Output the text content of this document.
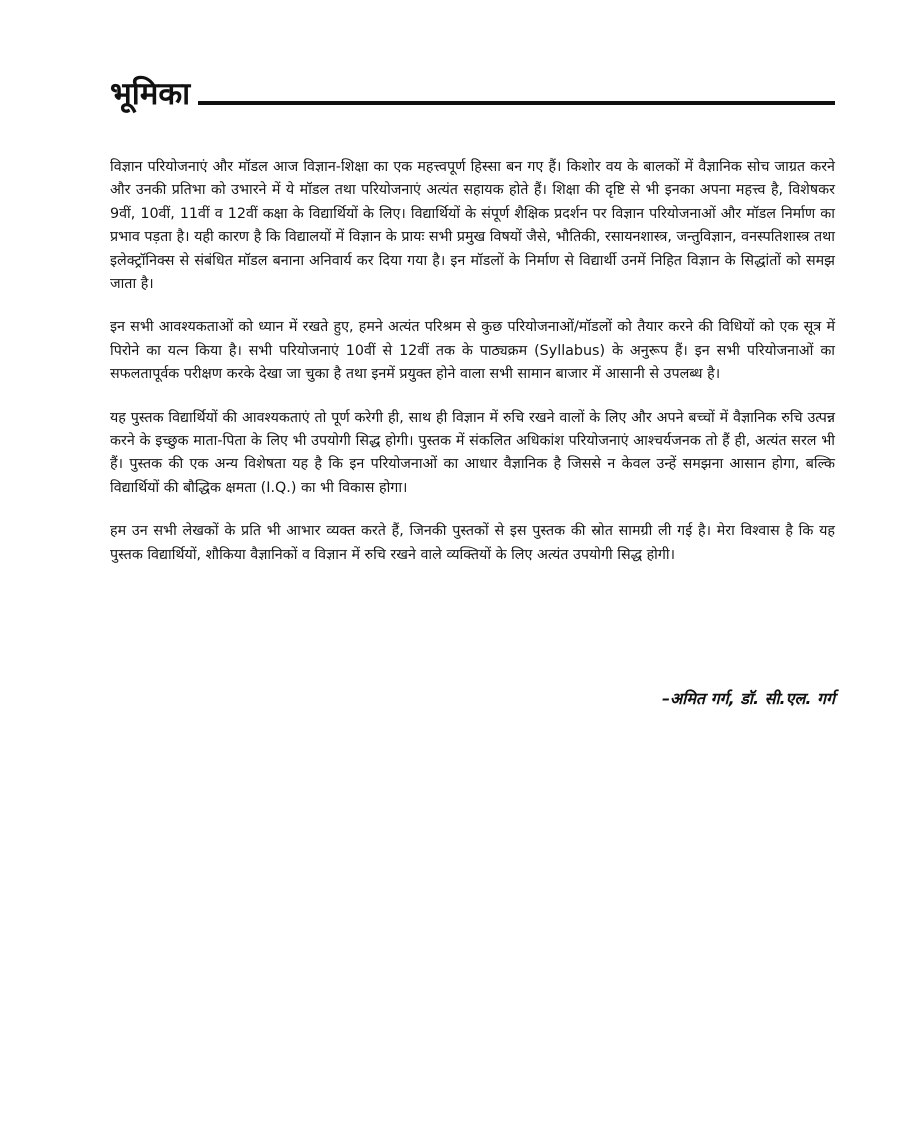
भूमिका

विज्ञान परियोजनाएं और मॉडल आज विज्ञान-शिक्षा का एक महत्त्वपूर्ण हिस्सा बन गए हैं। किशोर वय के बालकों में वैज्ञानिक सोच जाग्रत करने और उनकी प्रतिभा को उभारने में ये मॉडल तथा परियोजनाएं अत्यंत सहायक होते हैं। शिक्षा की दृष्टि से भी इनका अपना महत्त्व है, विशेषकर 9वीं, 10वीं, 11वीं व 12वीं कक्षा के विद्यार्थियों के लिए। विद्यार्थियों के संपूर्ण शैक्षिक प्रदर्शन पर विज्ञान परियोजनाओं और मॉडल निर्माण का प्रभाव पड़ता है। यही कारण है कि विद्यालयों में विज्ञान के प्रायः सभी प्रमुख विषयों जैसे, भौतिकी, रसायनशास्त्र, जन्तुविज्ञान, वनस्पतिशास्त्र तथा इलेक्ट्रॉनिक्स से संबंधित मॉडल बनाना अनिवार्य कर दिया गया है। इन मॉडलों के निर्माण से विद्यार्थी उनमें निहित विज्ञान के सिद्धांतों को समझ जाता है।

इन सभी आवश्यकताओं को ध्यान में रखते हुए, हमने अत्यंत परिश्रम से कुछ परियोजनाओं/मॉडलों को तैयार करने की विधियों को एक सूत्र में पिरोने का यत्न किया है। सभी परियोजनाएं 10वीं से 12वीं तक के पाठ्यक्रम (Syllabus) के अनुरूप हैं। इन सभी परियोजनाओं का सफलतापूर्वक परीक्षण करके देखा जा चुका है तथा इनमें प्रयुक्त होने वाला सभी सामान बाजार में आसानी से उपलब्ध है।

यह पुस्तक विद्यार्थियों की आवश्यकताएं तो पूर्ण करेगी ही, साथ ही विज्ञान में रुचि रखने वालों के लिए और अपने बच्चों में वैज्ञानिक रुचि उत्पन्न करने के इच्छुक माता-पिता के लिए भी उपयोगी सिद्ध होगी। पुस्तक में संकलित अधिकांश परियोजनाएं आश्चर्यजनक तो हैं ही, अत्यंत सरल भी हैं। पुस्तक की एक अन्य विशेषता यह है कि इन परियोजनाओं का आधार वैज्ञानिक है जिससे न केवल उन्हें समझना आसान होगा, बल्कि विद्यार्थियों की बौद्धिक क्षमता (I.Q.) का भी विकास होगा।

हम उन सभी लेखकों के प्रति भी आभार व्यक्त करते हैं, जिनकी पुस्तकों से इस पुस्तक की स्रोत सामग्री ली गई है। मेरा विश्वास है कि यह पुस्तक विद्यार्थियों, शौकिया वैज्ञानिकों व विज्ञान में रुचि रखने वाले व्यक्तियों के लिए अत्यंत उपयोगी सिद्ध होगी।

–अमित गर्ग, डॉ. सी.एल. गर्ग
